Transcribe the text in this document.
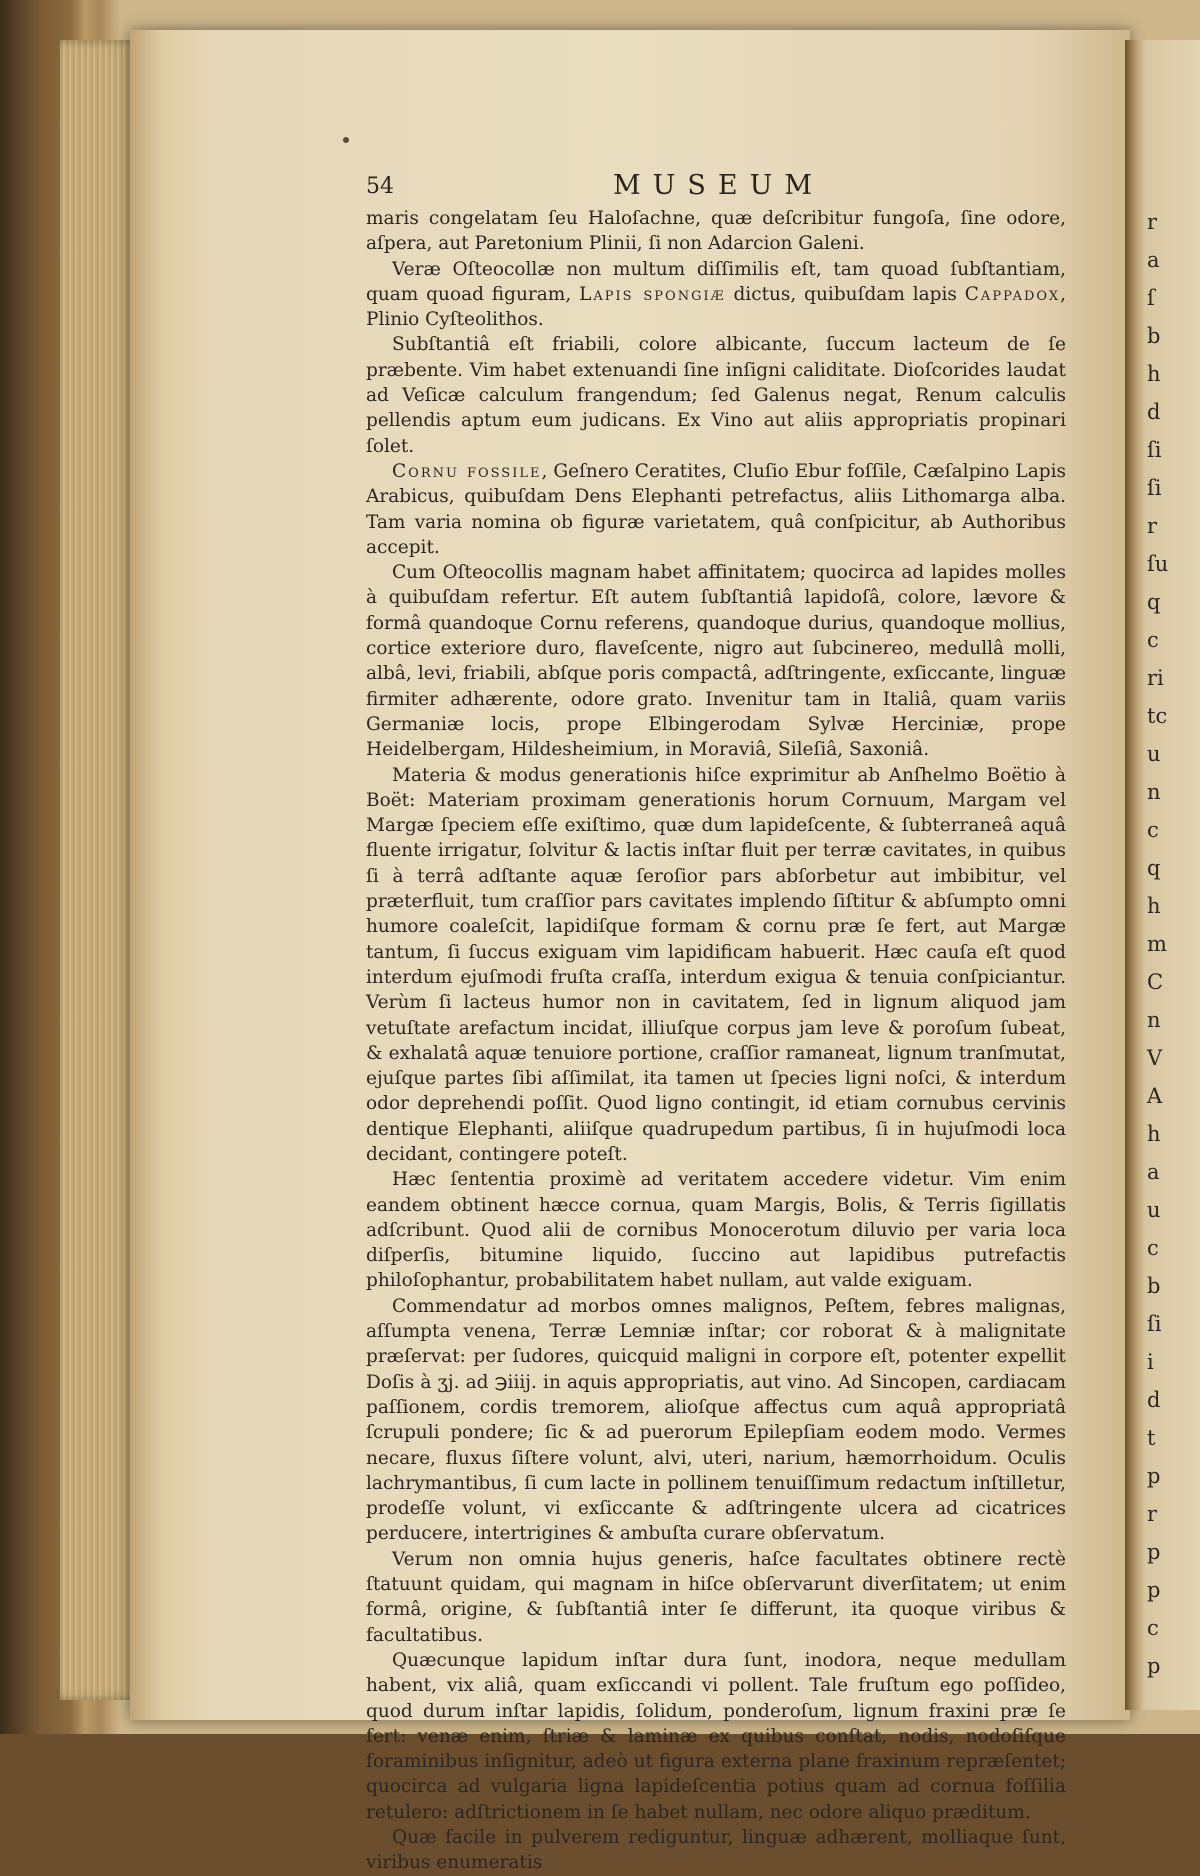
r
a
ſ
b
h
d
ſi
ſi
r
ſu
q
c
ri
tc
u
n
c
q
h
m
C
n
V
A
h
a
u
c
b
ſi
i
d
t
p
r
p
p
c
p
54	MUSEUM

maris congelatam ſeu Haloſachne, quæ deſcribitur fungoſa, ſine odore, aſpera, aut Paretonium Plinii, ſi non Adarcion Galeni.

Veræ Oſteocollæ non multum diſſimilis eſt, tam quoad ſubſtantiam, quam quoad figuram, Lapis spongiæ dictus, quibuſdam lapis Cappadox, Plinio Cyſteolithos.

Subſtantiâ eſt friabili, colore albicante, ſuccum lacteum de ſe præbente. Vim habet extenuandi ſine inſigni caliditate. Dioſcorides laudat ad Veſicæ calculum frangendum; ſed Galenus negat, Renum calculis pellendis aptum eum judicans. Ex Vino aut aliis appropriatis propinari ſolet.

Cornu fossile, Geſnero Ceratites, Cluſio Ebur foſſile, Cæſalpino Lapis Arabicus, quibuſdam Dens Elephanti petrefactus, aliis Lithomarga alba. Tam varia nomina ob figuræ varietatem, quâ conſpicitur, ab Authoribus accepit.

Cum Oſteocollis magnam habet affinitatem; quocirca ad lapides molles à quibuſdam refertur. Eſt autem ſubſtantiâ lapidoſâ, colore, lævore & formâ quandoque Cornu referens, quandoque durius, quandoque mollius, cortice exteriore duro, flaveſcente, nigro aut ſubcinereo, medullâ molli, albâ, levi, friabili, abſque poris compactâ, adſtringente, exſiccante, linguæ firmiter adhærente, odore grato. Invenitur tam in Italiâ, quam variis Germaniæ locis, prope Elbingerodam Sylvæ Herciniæ, prope Heidelbergam, Hildesheimium, in Moraviâ, Sileſiâ, Saxoniâ.

Materia & modus generationis hiſce exprimitur ab Anſhelmo Boëtio à Boët: Materiam proximam generationis horum Cornuum, Margam vel Margæ ſpeciem eſſe exiſtimo, quæ dum lapideſcente, & ſubterraneâ aquâ fluente irrigatur, ſolvitur & lactis inſtar fluit per terræ cavitates, in quibus ſi à terrâ adſtante aquæ ſeroſior pars abſorbetur aut imbibitur, vel præterfluit, tum craſſior pars cavitates implendo ſiſtitur & abſumpto omni humore coaleſcit, lapidiſque formam & cornu præ ſe fert, aut Margæ tantum, ſi ſuccus exiguam vim lapidificam habuerit. Hæc cauſa eſt quod interdum ejuſmodi fruſta craſſa, interdum exigua & tenuia conſpiciantur. Verùm ſi lacteus humor non in cavitatem, ſed in lignum aliquod jam vetuſtate arefactum incidat, illiuſque corpus jam leve & poroſum ſubeat, & exhalatâ aquæ tenuiore portione, craſſior ramaneat, lignum tranſmutat, ejuſque partes ſibi aſſimilat, ita tamen ut ſpecies ligni noſci, & interdum odor deprehendi poſſit. Quod ligno contingit, id etiam cornubus cervinis dentique Elephanti, aliiſque quadrupedum partibus, ſi in hujuſmodi loca decidant, contingere poteſt.

Hæc ſententia proximè ad veritatem accedere videtur. Vim enim eandem obtinent hæcce cornua, quam Margis, Bolis, & Terris ſigillatis adſcribunt. Quod alii de cornibus Monocerotum diluvio per varia loca diſperſis, bitumine liquido, ſuccino aut lapidibus putrefactis philoſophantur, probabilitatem habet nullam, aut valde exiguam.

Commendatur ad morbos omnes malignos, Peſtem, febres malignas, aſſumpta venena, Terræ Lemniæ inſtar; cor roborat & à malignitate præſervat: per ſudores, quicquid maligni in corpore eſt, potenter expellit Doſis à ʒj. ad ℈iiij. in aquis appropriatis, aut vino. Ad Sincopen, cardiacam paſſionem, cordis tremorem, alioſque affectus cum aquâ appropriatâ ſcrupuli pondere; ſic & ad puerorum Epilepſiam eodem modo. Vermes necare, fluxus ſiſtere volunt, alvi, uteri, narium, hæmorrhoidum. Oculis lachrymantibus, ſi cum lacte in pollinem tenuiſſimum redactum inſtilletur, prodeſſe volunt, vi exſiccante & adſtringente ulcera ad cicatrices perducere, intertrigines & ambuſta curare obſervatum.

Verum non omnia hujus generis, haſce facultates obtinere rectè ſtatuunt quidam, qui magnam in hiſce obſervarunt diverſitatem; ut enim formâ, origine, & ſubſtantiâ inter ſe differunt, ita quoque viribus & facultatibus.

Quæcunque lapidum inſtar dura ſunt, inodora, neque medullam habent, vix aliâ, quam exſiccandi vi pollent. Tale fruſtum ego poſſideo, quod durum inſtar lapidis, ſolidum, ponderoſum, lignum fraxini præ ſe fert: venæ enim, ſtriæ & laminæ ex quibus conſtat, nodis, nodoſiſque foraminibus inſignitur, adeò ut figura externa plane fraxinum repræſentet; quocirca ad vulgaria ligna lapideſcentia potius quam ad cornua foſſilia retulero: adſtrictionem in ſe habet nullam, nec odore aliquo præditum.

Quæ facile in pulverem rediguntur, linguæ adhærent, molliaque ſunt, viribus enumeratis
